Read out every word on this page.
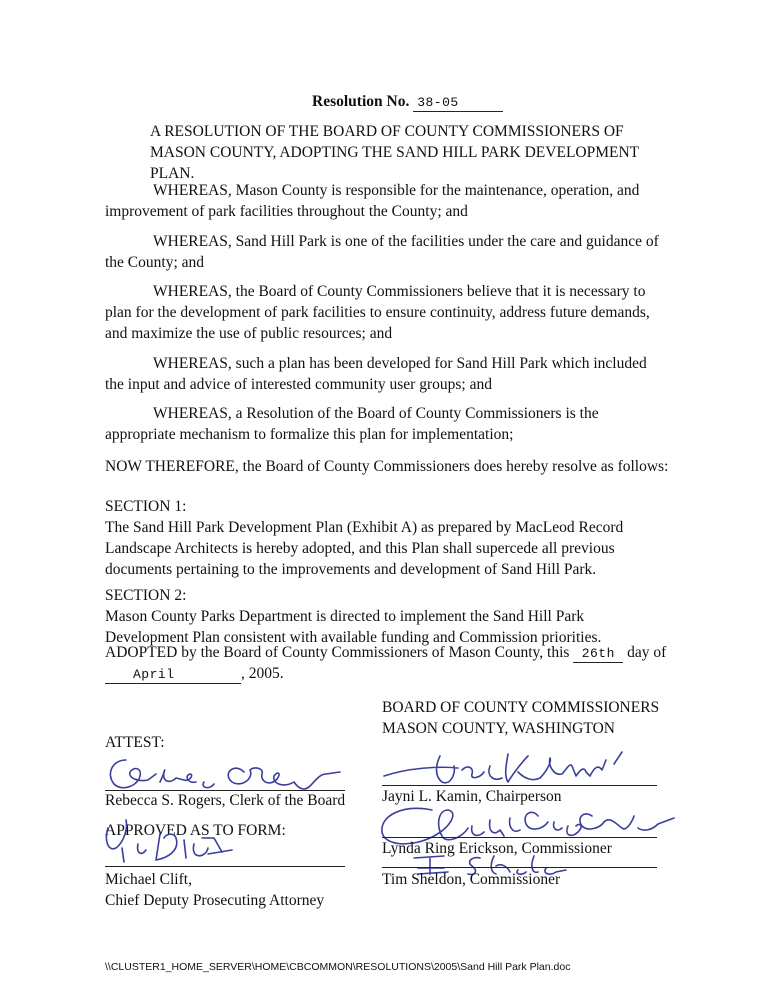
Resolution No. 38-05

A RESOLUTION OF THE BOARD OF COUNTY COMMISSIONERS OF MASON COUNTY, ADOPTING THE SAND HILL PARK DEVELOPMENT PLAN.

WHEREAS, Mason County is responsible for the maintenance, operation, and improvement of park facilities throughout the County; and

WHEREAS, Sand Hill Park is one of the facilities under the care and guidance of the County; and

WHEREAS, the Board of County Commissioners believe that it is necessary to plan for the development of park facilities to ensure continuity, address future demands, and maximize the use of public resources; and

WHEREAS, such a plan has been developed for Sand Hill Park which included the input and advice of interested community user groups; and

WHEREAS, a Resolution of the Board of County Commissioners is the appropriate mechanism to formalize this plan for implementation;

NOW THEREFORE, the Board of County Commissioners does hereby resolve as follows:

SECTION 1:

The Sand Hill Park Development Plan (Exhibit A) as prepared by MacLeod Record Landscape Architects is hereby adopted, and this Plan shall supercede all previous documents pertaining to the improvements and development of Sand Hill Park.

SECTION 2:

Mason County Parks Department is directed to implement the Sand Hill Park Development Plan consistent with available funding and Commission priorities.

ADOPTED by the Board of County Commissioners of Mason County, this 26th day of
April	, 2005.
BOARD OF COUNTY COMMISSIONERS
MASON COUNTY, WASHINGTON
ATTEST:
Rebecca S. Rogers, Clerk of the Board
APPROVED AS TO FORM:
Michael Clift,
Chief Deputy Prosecuting Attorney
Jayni L. Kamin, Chairperson
Lynda Ring Erickson, Commissioner
Tim Sheldon, Commissioner
\\CLUSTER1_HOME_SERVER\HOME\CBCOMMON\RESOLUTIONS\2005\Sand Hill Park Plan.doc
